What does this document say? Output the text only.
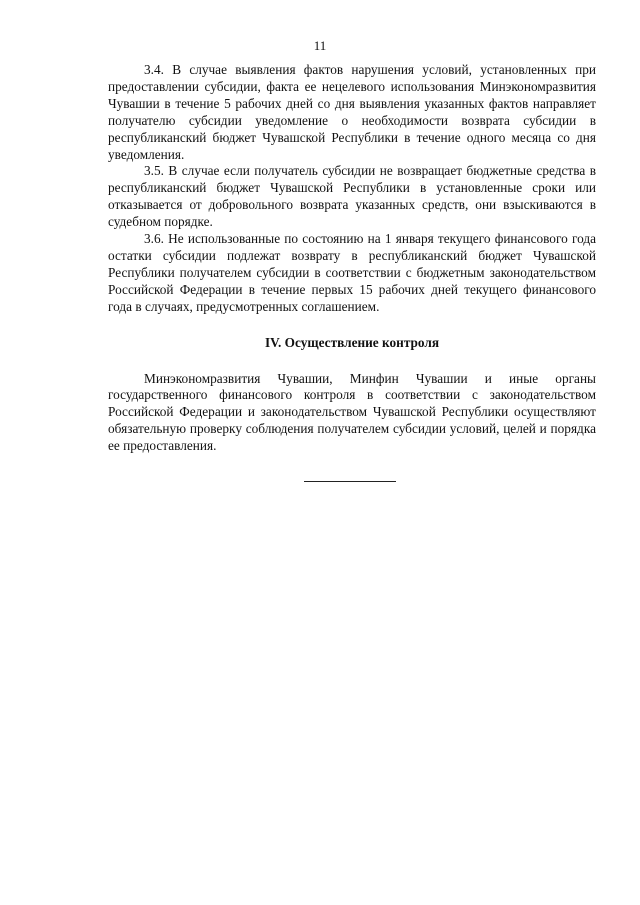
11

3.4. В случае выявления фактов нарушения условий, установленных при предоставлении субсидии, факта ее нецелевого использования Минэкономразвития Чувашии в течение 5 рабочих дней со дня выявления указанных фактов направляет получателю субсидии уведомление о необходимости возврата субсидии в республиканский бюджет Чувашской Республики в течение одного месяца со дня уведомления.

3.5. В случае если получатель субсидии не возвращает бюджетные средства в республиканский бюджет Чувашской Республики в установленные сроки или отказывается от добровольного возврата указанных средств, они взыскиваются в судебном порядке.

3.6. Не использованные по состоянию на 1 января текущего финансового года остатки субсидии подлежат возврату в республиканский бюджет Чувашской Республики получателем субсидии в соответствии с бюджетным законодательством Российской Федерации в течение первых 15 рабочих дней текущего финансового года в случаях, предусмотренных соглашением.

IV. Осуществление контроля

Минэкономразвития Чувашии, Минфин Чувашии и иные органы государственного финансового контроля в соответствии с законодательством Российской Федерации и законодательством Чувашской Республики осуществляют обязательную проверку соблюдения получателем субсидии условий, целей и порядка ее предоставления.
